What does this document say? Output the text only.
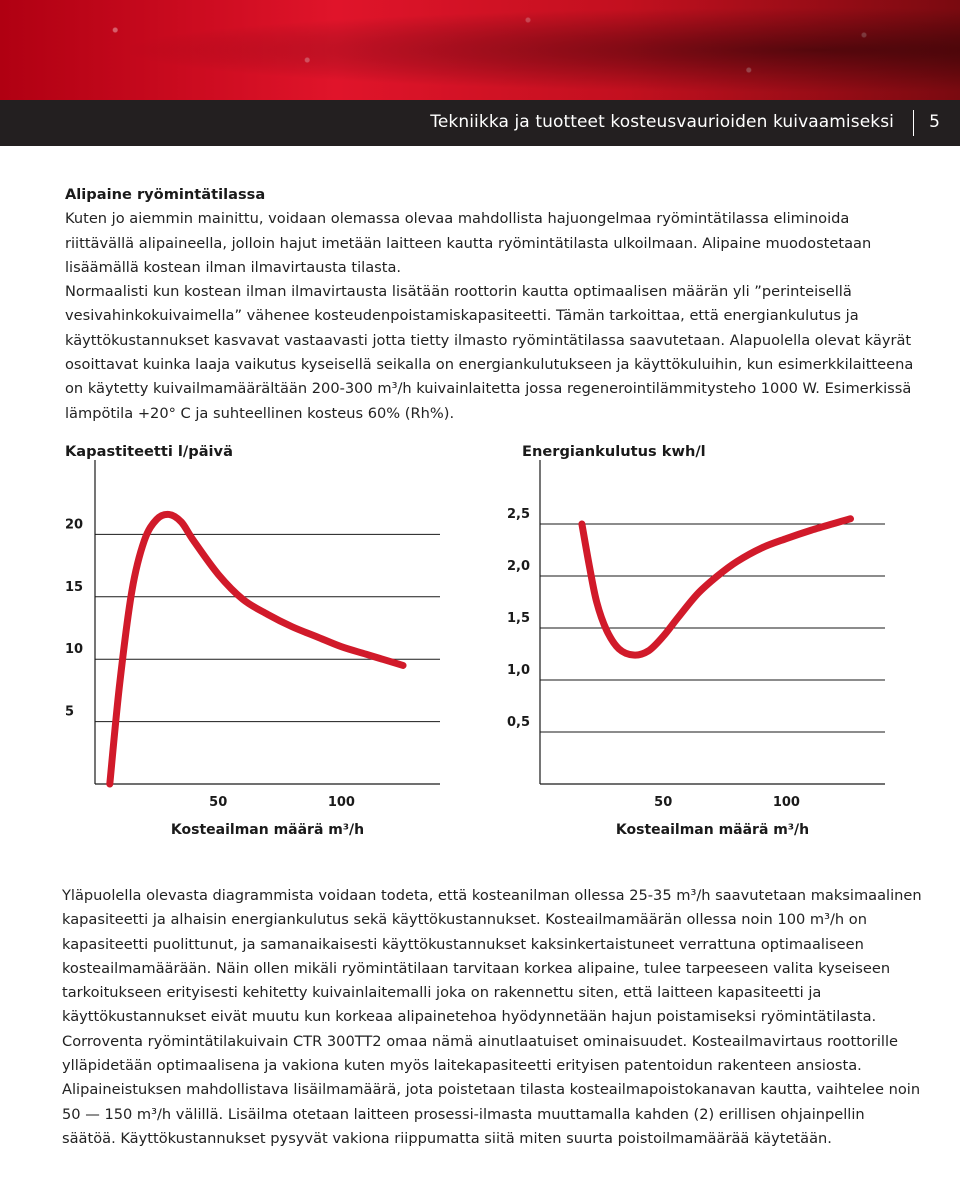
Tekniikka ja tuotteet kosteusvaurioiden kuivaamiseksi 5

Alipaine ryömintätilassa

Kuten jo aiemmin mainittu, voidaan olemassa olevaa mahdollista hajuongelmaa ryömintätilassa eliminoida riittävällä alipaineella, jolloin hajut imetään laitteen kautta ryömintätilasta ulkoilmaan. Alipaine muodostetaan lisäämällä kostean ilman ilmavirtausta tilasta.

Normaalisti kun kostean ilman ilmavirtausta lisätään roottorin kautta optimaalisen määrän yli ”perinteisellä vesivahinkokuivaimella” vähenee kosteudenpoistamiskapasiteetti. Tämän tarkoittaa, että energiankulutus ja käyttökustannukset kasvavat vastaavasti jotta tietty ilmasto ryömintätilassa saavutetaan. Alapuolella olevat käyrät osoittavat kuinka laaja vaikutus kyseisellä seikalla on energiankulutukseen ja käyttökuluihin, kun esimerkkilaitteena on käytetty kuivailmamäärältään 200-300 m³/h kuivainlaitetta jossa regenerointilämmitysteho 1000 W. Esimerkissä lämpötila +20° C ja suhteellinen kosteus 60% (Rh%).

Kapastiteetti l/päivä	Energiankulutus kwh/l
5
10
15
20
50	100
Kosteailman määrä m³/h
0,5
1,0
1,5
2,0
2,5
50	100
Kosteailman määrä m³/h

Yläpuolella olevasta diagrammista voidaan todeta, että kosteanilman ollessa 25-35 m³/h saavutetaan maksimaalinen kapasiteetti ja alhaisin energiankulutus sekä käyttökustannukset. Kosteailmamäärän ollessa noin 100 m³/h on kapasiteetti puolittunut, ja samanaikaisesti käyttökustannukset kaksinkertaistuneet verrattuna optimaaliseen kosteailmamäärään. Näin ollen mikäli ryömintätilaan tarvitaan korkea alipaine, tulee tarpeeseen valita kyseiseen tarkoitukseen erityisesti kehitetty kuivainlaitemalli joka on rakennettu siten, että laitteen kapasiteetti ja käyttökustannukset eivät muutu kun korkeaa alipainetehoa hyödynnetään hajun poistamiseksi ryömintätilasta.

Corroventa ryömintätilakuivain CTR 300TT2 omaa nämä ainutlaatuiset ominaisuudet. Kosteailmavirtaus roottorille ylläpidetään optimaalisena ja vakiona kuten myös laitekapasiteetti erityisen patentoidun rakenteen ansiosta. Alipaineistuksen mahdollistava lisäilmamäärä, jota poistetaan tilasta kosteailmapoistokanavan kautta, vaihtelee noin 50 — 150 m³/h välillä. Lisäilma otetaan laitteen prosessi-ilmasta muuttamalla kahden (2) erillisen ohjainpellin säätöä. Käyttökustannukset pysyvät vakiona riippumatta siitä miten suurta poistoilmamäärää käytetään.
